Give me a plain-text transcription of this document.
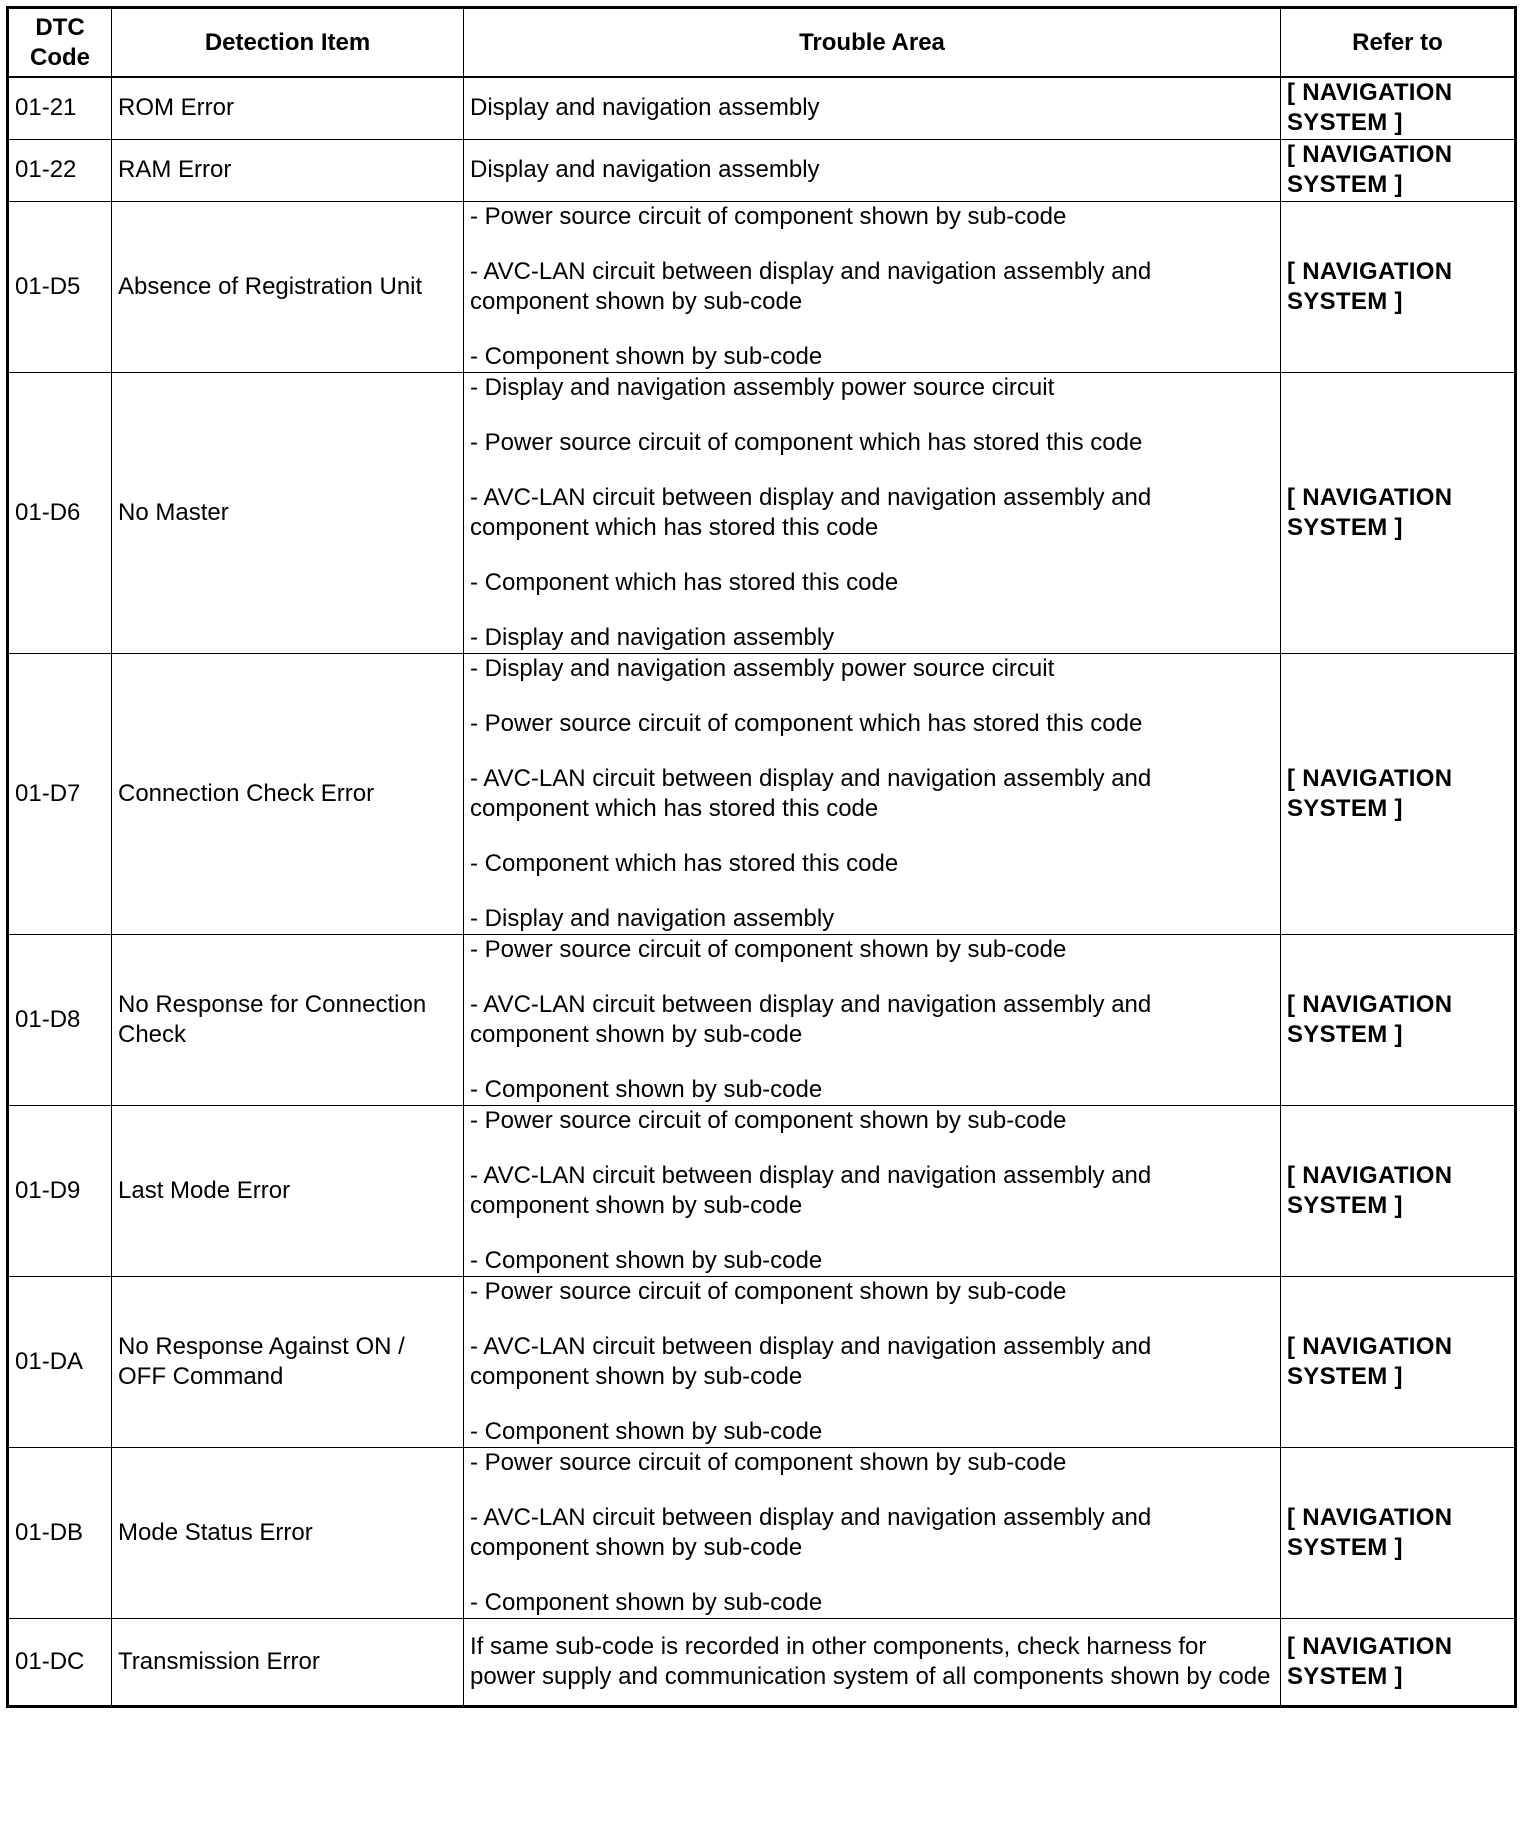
DTC Code	Detection Item	Trouble Area	Refer to
01-21	ROM Error	Display and navigation assembly	[ NAVIGATION SYSTEM ]
01-22	RAM Error	Display and navigation assembly	[ NAVIGATION SYSTEM ]
01-D5	Absence of Registration Unit	- Power source circuit of component shown by sub-code

- AVC-LAN circuit between display and navigation assembly and component shown by sub-code

- Component shown by sub-code	[ NAVIGATION SYSTEM ]
01-D6	No Master	- Display and navigation assembly power source circuit

- Power source circuit of component which has stored this code

- AVC-LAN circuit between display and navigation assembly and component which has stored this code

- Component which has stored this code

- Display and navigation assembly	[ NAVIGATION SYSTEM ]
01-D7	Connection Check Error	- Display and navigation assembly power source circuit

- Power source circuit of component which has stored this code

- AVC-LAN circuit between display and navigation assembly and component which has stored this code

- Component which has stored this code

- Display and navigation assembly	[ NAVIGATION SYSTEM ]
01-D8	No Response for Connection Check	- Power source circuit of component shown by sub-code

- AVC-LAN circuit between display and navigation assembly and component shown by sub-code

- Component shown by sub-code	[ NAVIGATION SYSTEM ]
01-D9	Last Mode Error	- Power source circuit of component shown by sub-code

- AVC-LAN circuit between display and navigation assembly and component shown by sub-code

- Component shown by sub-code	[ NAVIGATION SYSTEM ]
01-DA	No Response Against ON / OFF Command	- Power source circuit of component shown by sub-code

- AVC-LAN circuit between display and navigation assembly and component shown by sub-code

- Component shown by sub-code	[ NAVIGATION SYSTEM ]
01-DB	Mode Status Error	- Power source circuit of component shown by sub-code

- AVC-LAN circuit between display and navigation assembly and component shown by sub-code

- Component shown by sub-code	[ NAVIGATION SYSTEM ]
01-DC	Transmission Error	If same sub-code is recorded in other components, check harness for power supply and communication system of all components shown by code	[ NAVIGATION SYSTEM ]
